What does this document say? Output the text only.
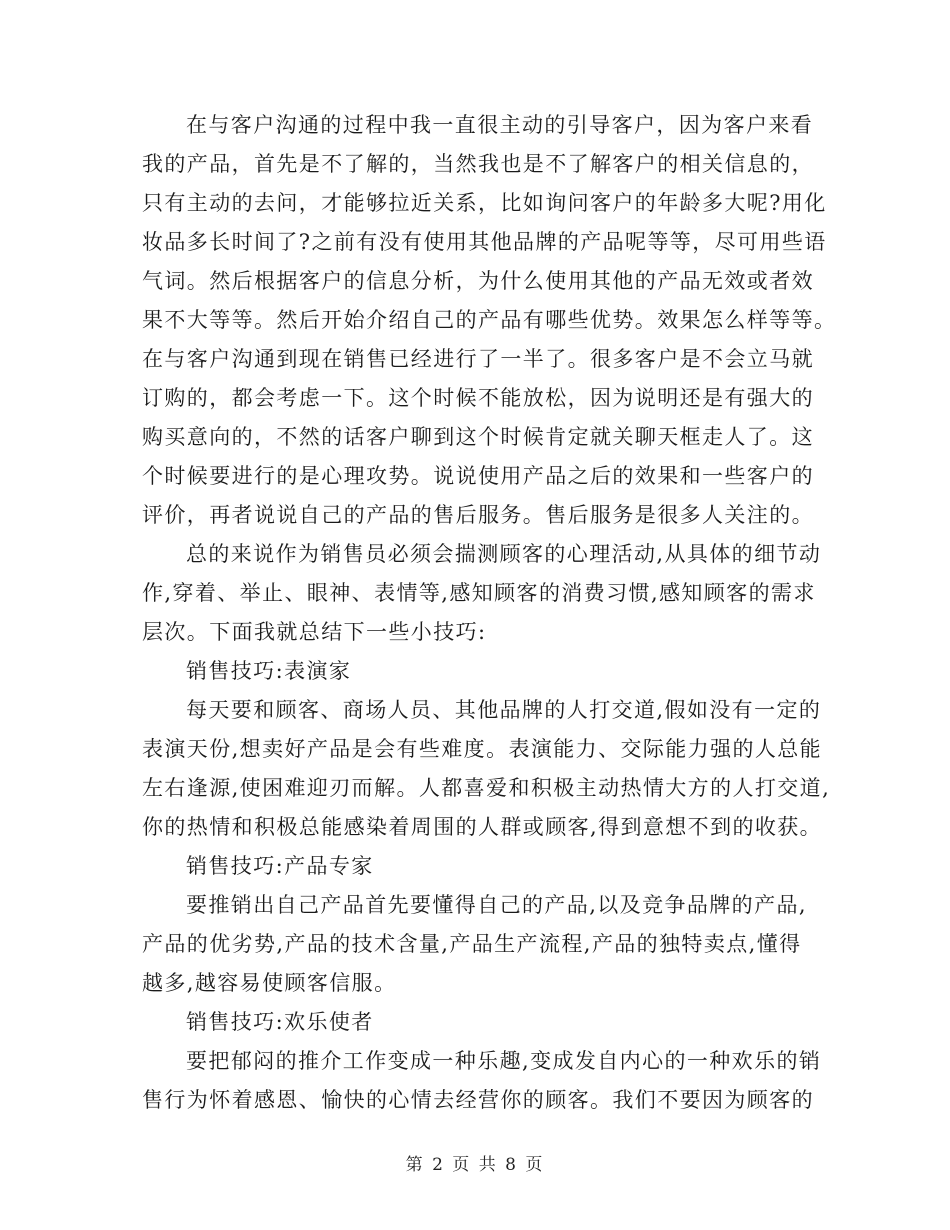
在与客户沟通的过程中我一直很主动的引导客户，因为客户来看
我的产品，首先是不了解的，当然我也是不了解客户的相关信息的，
只有主动的去问，才能够拉近关系，比如询问客户的年龄多大呢?用化
妆品多长时间了?之前有没有使用其他品牌的产品呢等等，尽可用些语
气词。然后根据客户的信息分析，为什么使用其他的产品无效或者效
果不大等等。然后开始介绍自己的产品有哪些优势。效果怎么样等等。
在与客户沟通到现在销售已经进行了一半了。很多客户是不会立马就
订购的，都会考虑一下。这个时候不能放松，因为说明还是有强大的
购买意向的，不然的话客户聊到这个时候肯定就关聊天框走人了。这
个时候要进行的是心理攻势。说说使用产品之后的效果和一些客户的
评价，再者说说自己的产品的售后服务。售后服务是很多人关注的。
总的来说作为销售员必须会揣测顾客的心理活动,从具体的细节动
作,穿着、举止、眼神、表情等,感知顾客的消费习惯,感知顾客的需求
层次。下面我就总结下一些小技巧:
销售技巧:表演家
每天要和顾客、商场人员、其他品牌的人打交道,假如没有一定的
表演天份,想卖好产品是会有些难度。表演能力、交际能力强的人总能
左右逢源,使困难迎刃而解。人都喜爱和积极主动热情大方的人打交道,
你的热情和积极总能感染着周围的人群或顾客,得到意想不到的收获。
销售技巧:产品专家
要推销出自己产品首先要懂得自己的产品,以及竞争品牌的产品,
产品的优劣势,产品的技术含量,产品生产流程,产品的独特卖点,懂得
越多,越容易使顾客信服。
销售技巧:欢乐使者
要把郁闷的推介工作变成一种乐趣,变成发自内心的一种欢乐的销
售行为怀着感恩、愉快的心情去经营你的顾客。我们不要因为顾客的
第 2 页 共 8 页
